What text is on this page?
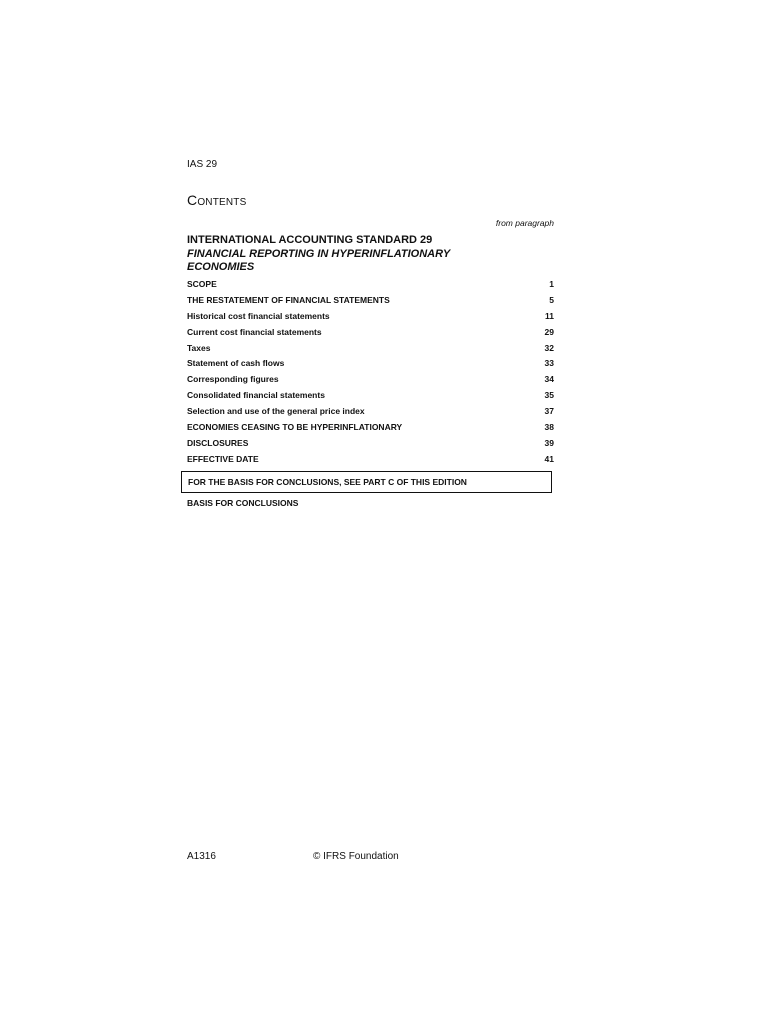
IAS 29
CONTENTS
from paragraph
INTERNATIONAL ACCOUNTING STANDARD 29
FINANCIAL REPORTING IN HYPERINFLATIONARY ECONOMIES
SCOPE	1
THE RESTATEMENT OF FINANCIAL STATEMENTS	5
Historical cost financial statements	11
Current cost financial statements	29
Taxes	32
Statement of cash flows	33
Corresponding figures	34
Consolidated financial statements	35
Selection and use of the general price index	37
ECONOMIES CEASING TO BE HYPERINFLATIONARY	38
DISCLOSURES	39
EFFECTIVE DATE	41
FOR THE BASIS FOR CONCLUSIONS, SEE PART C OF THIS EDITION
BASIS FOR CONCLUSIONS
A1316	© IFRS Foundation
